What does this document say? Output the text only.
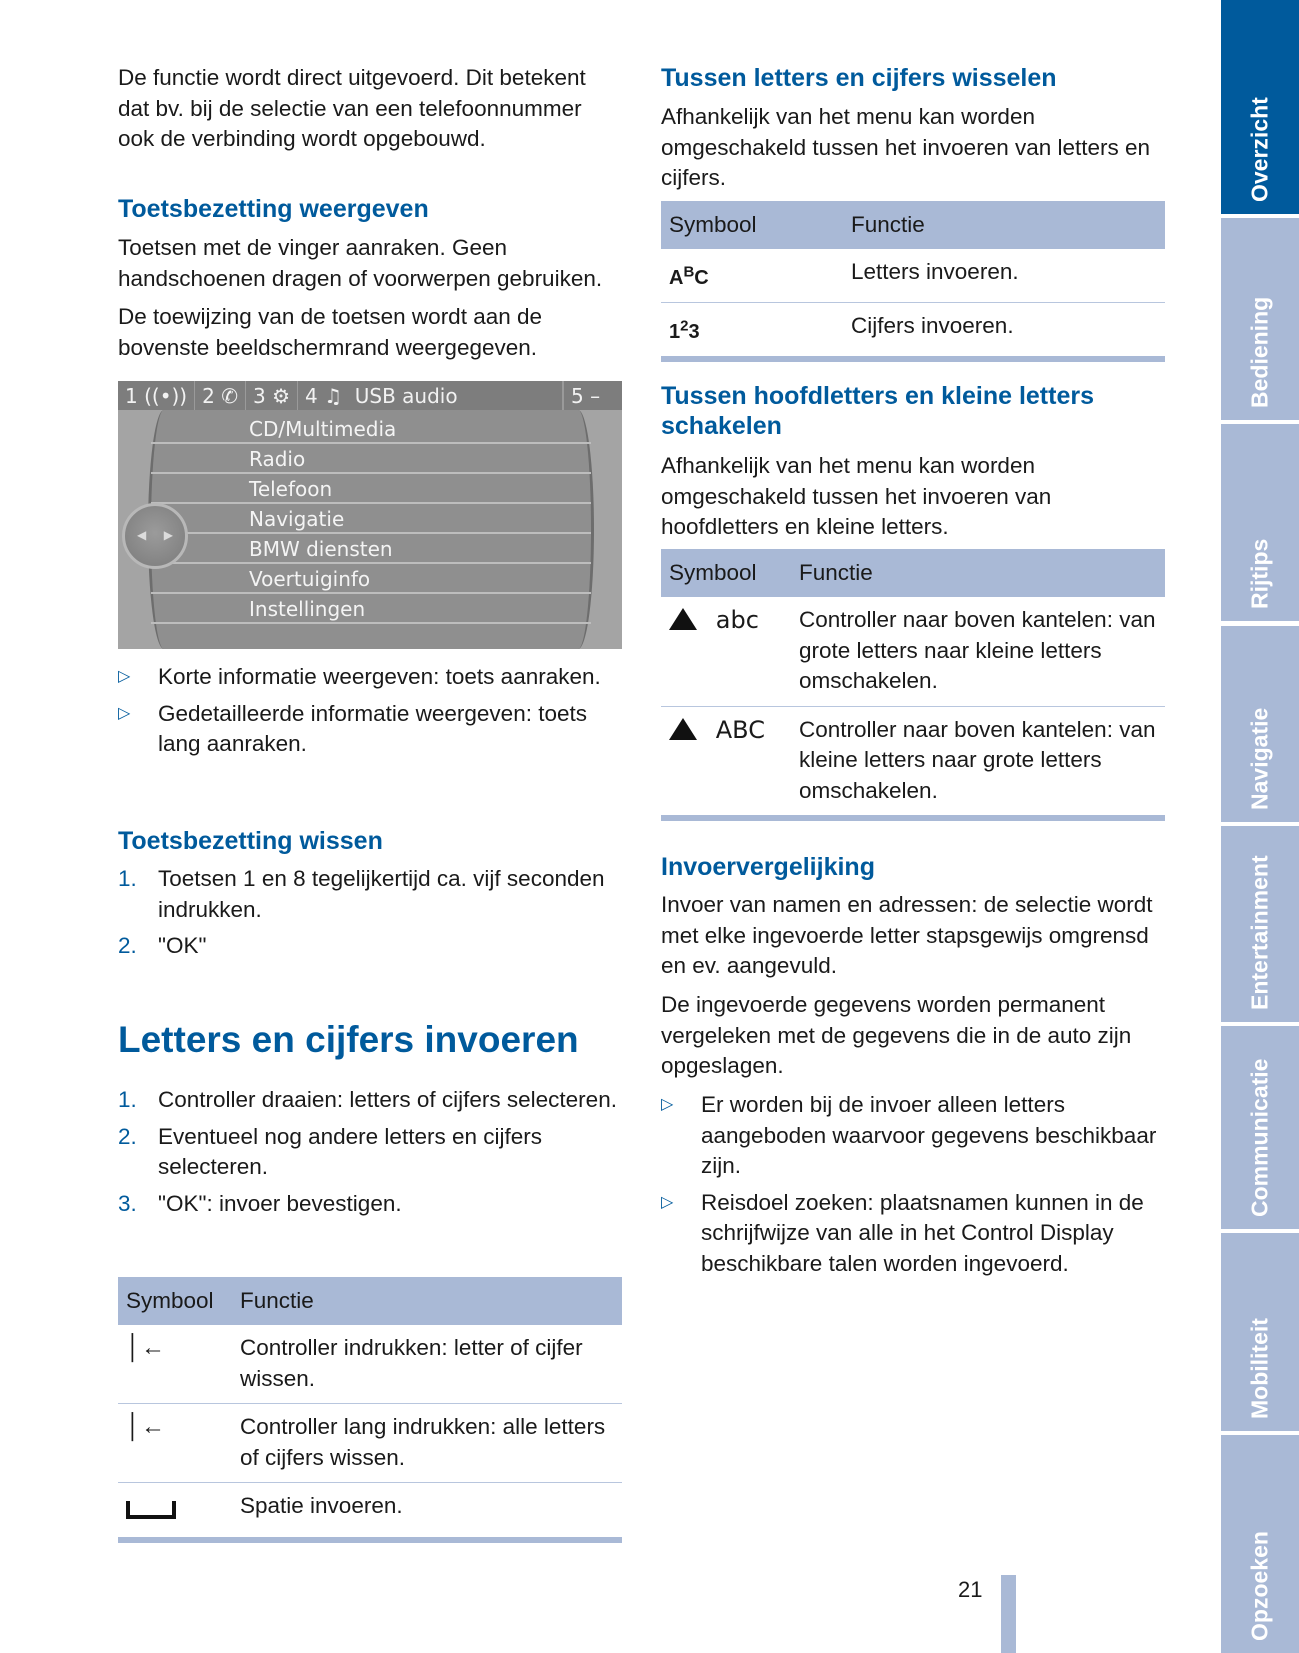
De functie wordt direct uitgevoerd. Dit betekent dat bv. bij de selectie van een telefoonnummer ook de verbinding wordt opgebouwd.

Toetsbezetting weergeven

Toetsen met de vinger aanraken. Geen handschoenen dragen of voorwerpen gebruiken.

De toewijzing van de toetsen wordt aan de bovenste beeldschermrand weergegeven.

1
((•)) 2
✆ 3
⚙ 4
♫
USB audio	5 –
CD/Multimedia
Radio
Telefoon
Navigatie
BMW diensten
Voertuiginfo
Instellingen
◀ ▶
▷ Korte informatie weergeven: toets aanraken.
▷ Gedetailleerde informatie weergeven: toets lang aanraken.
Toetsbezetting wissen
1. Toetsen 1 en 8 tegelijkertijd ca. vijf seconden indrukken.
2. "OK"
Letters en cijfers invoeren
1. Controller draaien: letters of cijfers selecteren.
2. Eventueel nog andere letters en cijfers selecteren.
3. "OK": invoer bevestigen.
Symbool	Functie
│←	Controller indrukken: letter of cijfer wissen.
│←	Controller lang indrukken: alle letters of cijfers wissen.
	Spatie invoeren.
Tussen letters en cijfers wisselen

Afhankelijk van het menu kan worden omgeschakeld tussen het invoeren van letters en cijfers.

Symbool	Functie
$A^BC$	Letters invoeren.
$1^23$	Cijfers invoeren.
Tussen hoofdletters en kleine letters schakelen

Afhankelijk van het menu kan worden omgeschakeld tussen het invoeren van hoofdletters en kleine letters.

Symbool	Functie
abc	Controller naar boven kantelen: van grote letters naar kleine letters omschakelen.
ABC	Controller naar boven kantelen: van kleine letters naar grote letters omschakelen.
Invoervergelijking

Invoer van namen en adressen: de selectie wordt met elke ingevoerde letter stapsgewijs omgrensd en ev. aangevuld.

De ingevoerde gegevens worden permanent vergeleken met de gegevens die in de auto zijn opgeslagen.

▷ Er worden bij de invoer alleen letters aangeboden waarvoor gegevens beschikbaar zijn.
▷ Reisdoel zoeken: plaatsnamen kunnen in de schrijfwijze van alle in het Control Display beschikbare talen worden ingevoerd.
21
Overzicht
Bediening
Rijtips
Navigatie
Entertainment
Communicatie
Mobiliteit
Opzoeken
